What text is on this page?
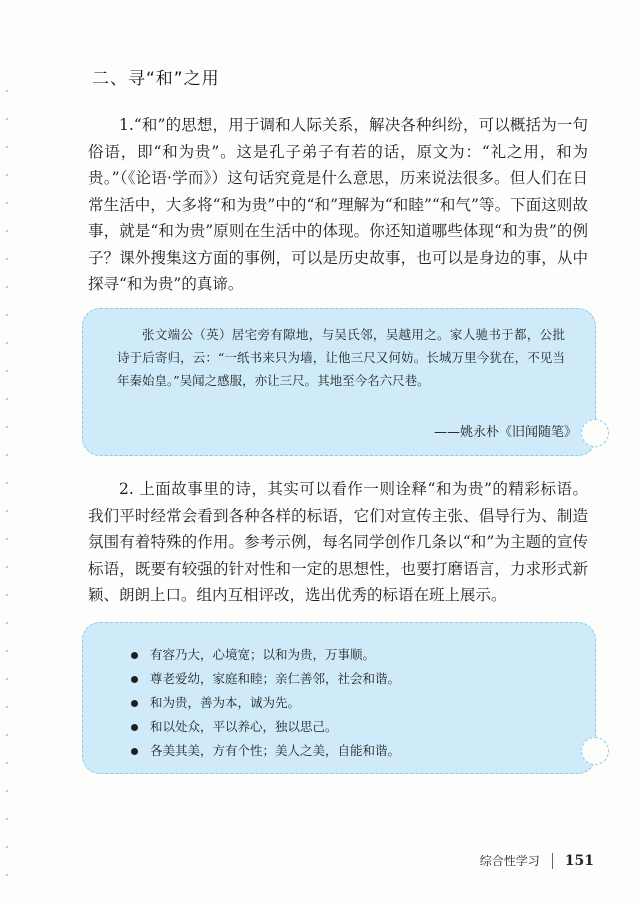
二、寻“和”之用

1.“和”的思想，用于调和人际关系，解决各种纠纷，可以概括为一句俗语，即“和为贵”。这是孔子弟子有若的话，原文为：“礼之用，和为贵。”（《论语·学而》）这句话究竟是什么意思，历来说法很多。但人们在日常生活中，大多将“和为贵”中的“和”理解为“和睦”“和气”等。下面这则故事，就是“和为贵”原则在生活中的体现。你还知道哪些体现“和为贵”的例子？课外搜集这方面的事例，可以是历史故事，也可以是身边的事，从中探寻“和为贵”的真谛。

张文端公（英）居宅旁有隙地，与吴氏邻，吴越用之。家人驰书于都，公批诗于后寄归，云：“一纸书来只为墙，让他三尺又何妨。长城万里今犹在，不见当年秦始皇。”吴闻之感服，亦让三尺。其地至今名六尺巷。

——姚永朴《旧闻随笔》

2. 上面故事里的诗，其实可以看作一则诠释“和为贵”的精彩标语。我们平时经常会看到各种各样的标语，它们对宣传主张、倡导行为、制造氛围有着特殊的作用。参考示例，每名同学创作几条以“和”为主题的宣传标语，既要有较强的针对性和一定的思想性，也要打磨语言，力求形式新颖、朗朗上口。组内互相评改，选出优秀的标语在班上展示。

有容乃大，心境宽；以和为贵，万事顺。
尊老爱幼，家庭和睦；亲仁善邻，社会和谐。
和为贵，善为本，诚为先。
和以处众，平以养心，独以思己。
各美其美，方有个性；美人之美，自能和谐。
综合性学习 151
